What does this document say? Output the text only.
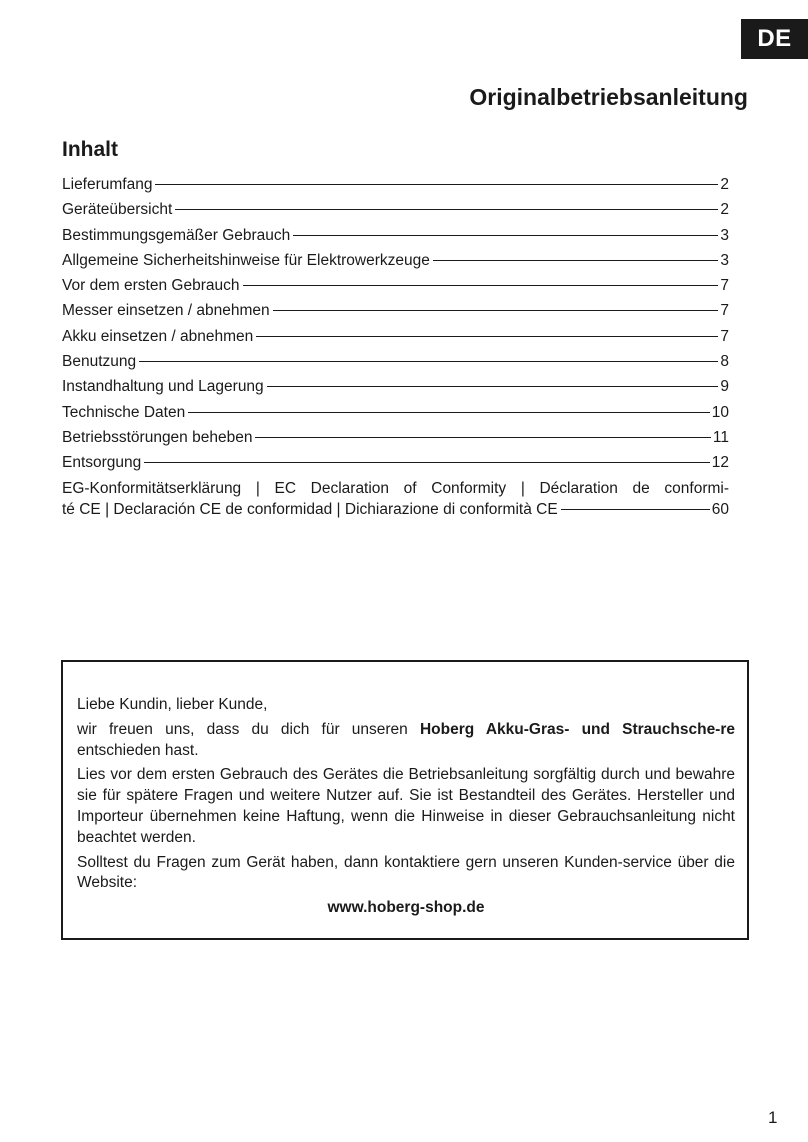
DE
Originalbetriebsanleitung
Inhalt
Lieferumfang	2
Geräteübersicht	2
Bestimmungsgemäßer Gebrauch	3
Allgemeine Sicherheitshinweise für Elektrowerkzeuge	3
Vor dem ersten Gebrauch	7
Messer einsetzen / abnehmen	7
Akku einsetzen / abnehmen	7
Benutzung	8
Instandhaltung und Lagerung	9
Technische Daten	10
Betriebsstörungen beheben	11
Entsorgung	12
EG-Konformitätserklärung | EC Declaration of Conformity | Déclaration de conformi-
té CE | Declaración CE de conformidad | Dichiarazione di conformità CE	60

Liebe Kundin, lieber Kunde,

wir freuen uns, dass du dich für unseren Hoberg Akku-Gras- und Strauchsche-re entschieden hast.

Lies vor dem ersten Gebrauch des Gerätes die Betriebsanleitung sorgfältig durch und bewahre sie für spätere Fragen und weitere Nutzer auf. Sie ist Bestandteil des Gerätes. Hersteller und Importeur übernehmen keine Haftung, wenn die Hinweise in dieser Gebrauchsanleitung nicht beachtet werden.

Solltest du Fragen zum Gerät haben, dann kontaktiere gern unseren Kunden-service über die Website:

www.hoberg-shop.de

1
